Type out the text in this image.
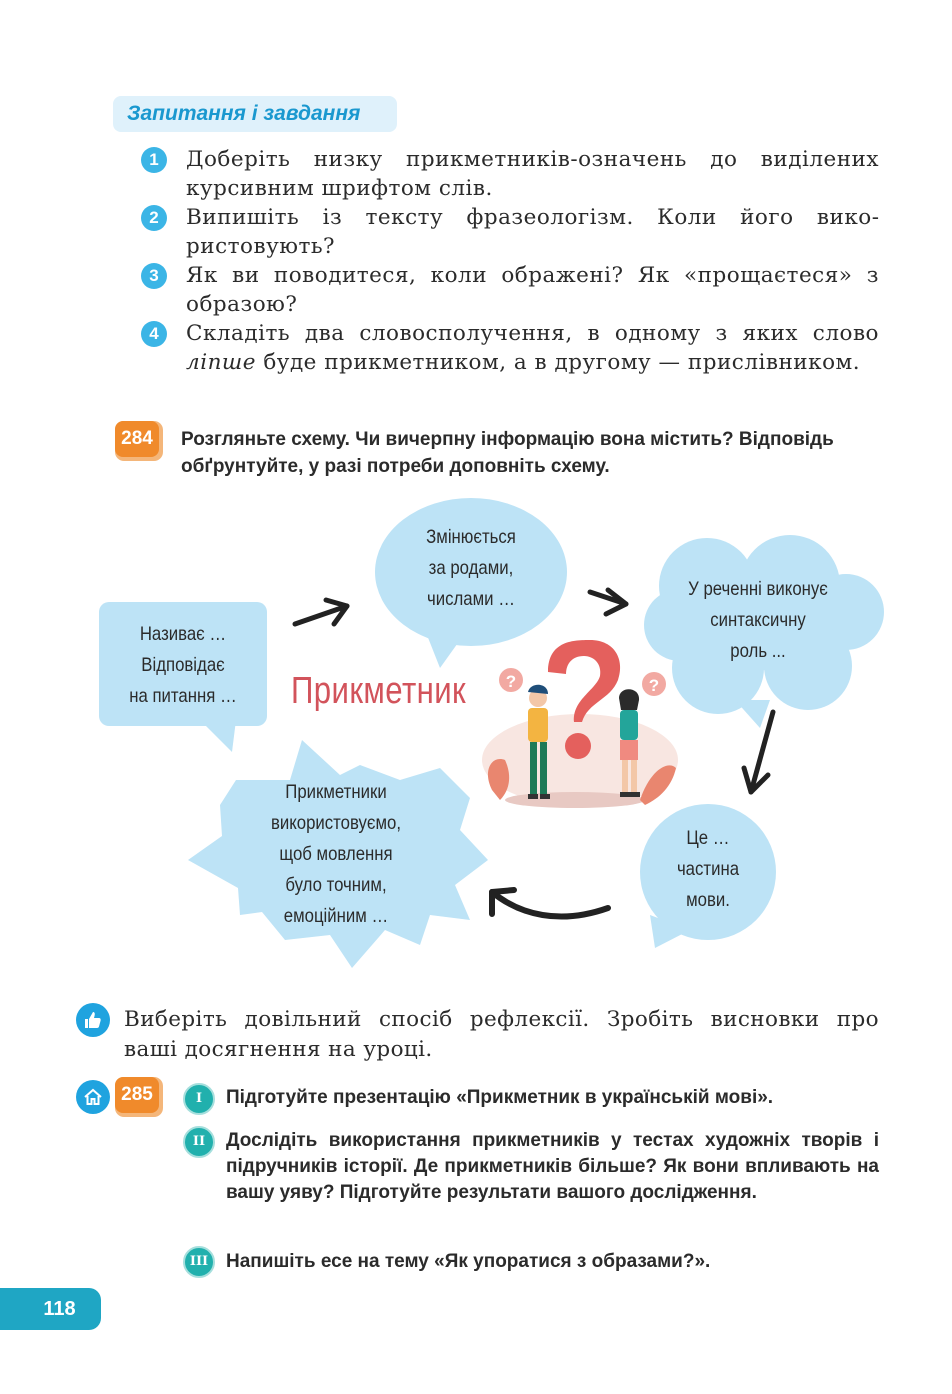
Запитання і завдання
1	Доберіть низку прикметників-означень до виділених курсивним шрифтом слів.
2	Випишіть із тексту фразеологізм. Коли його використовують?
3	Як ви поводитеся, коли ображені? Як «прощаєтеся» з образою?
4	Складіть два словосполучення, в одному з яких слово ліпше буде прикметником, а в другому — прислівником.
284	Розгляньте схему. Чи вичерпну інформацію вона містить? Відповідь обґрунтуйте, у разі потреби доповніть схему.
?	?
Називає …
Відповідає
на питання …
Змінюється
за родами,
числами …	У реченні виконує
синтаксичну
роль ...
Це …
частина
мови.
Прикметники
використовуємо,
щоб мовлення
було точним,
емоційним …
Прикметник
Виберіть довільний спосіб рефлексії. Зробіть висновки про ваші досягнення на уроці.
285	I	Підготуйте презентацію «Прикметник в українській мові».
II	Дослідіть використання прикметників у тестах художніх творів і підручників історії. Де прикметників більше? Як вони впливають на вашу уяву? Підготуйте результати вашого дослідження.
III Напишіть есе на тему «Як упоратися з образами?».
118
